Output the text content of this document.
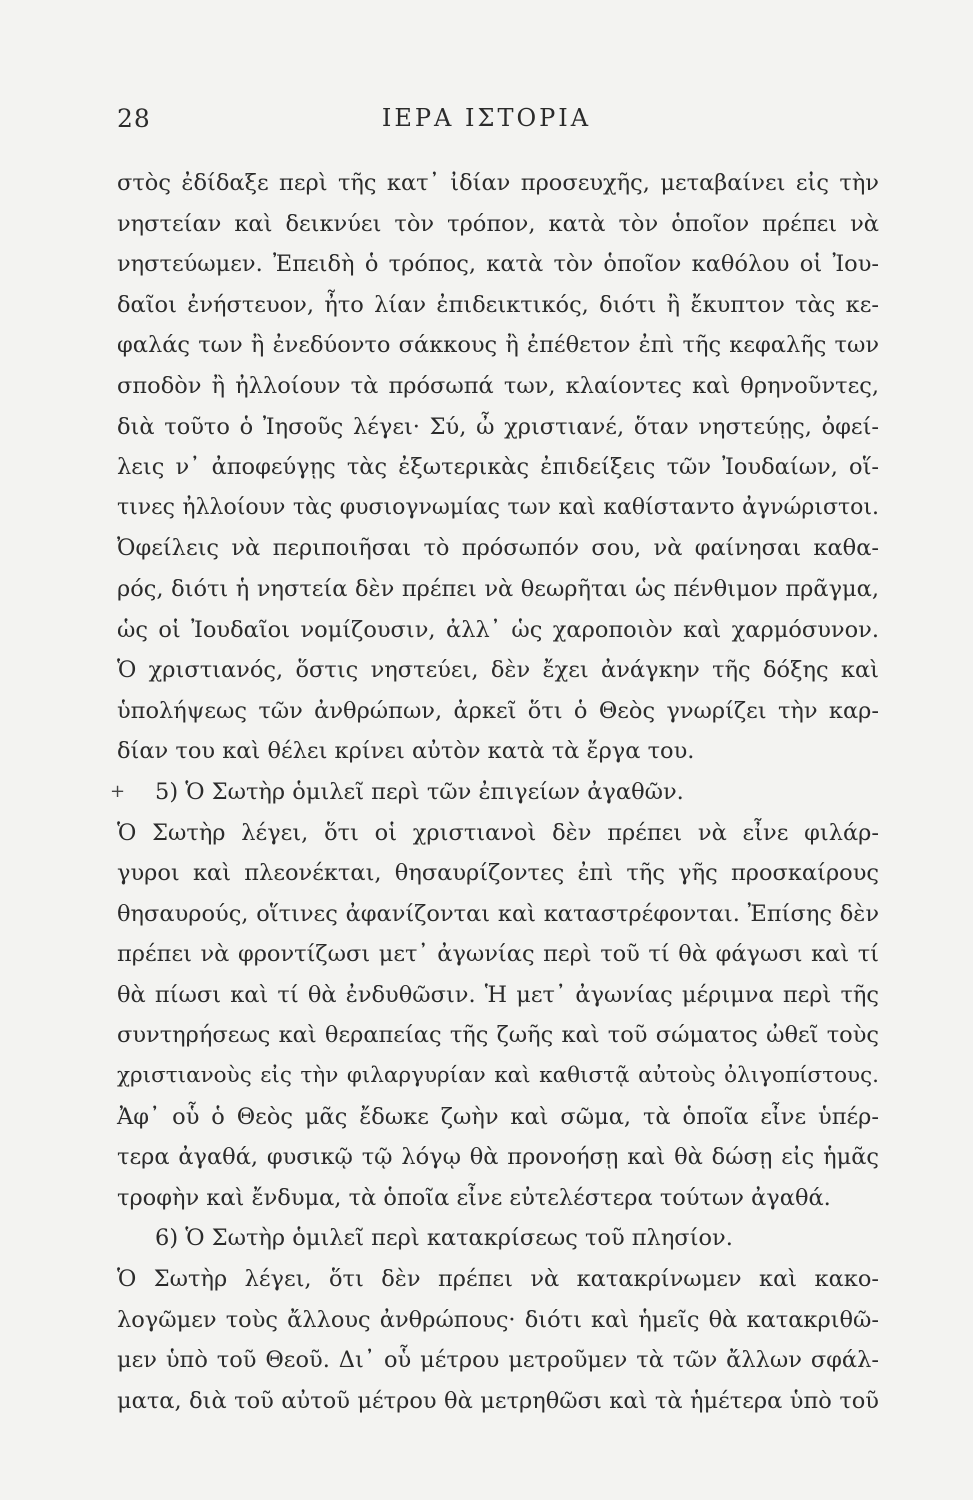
28	ΙΕΡΑ ΙΣΤΟΡΙΑ
στὸς ἐδίδαξε περὶ τῆς κατ᾽ ἰδίαν προσευχῆς, μεταβαίνει εἰς τὴν
νηστείαν καὶ δεικνύει τὸν τρόπον, κατὰ τὸν ὁποῖον πρέπει νὰ
νηστεύωμεν. Ἐπειδὴ ὁ τρόπος, κατὰ τὸν ὁποῖον καθόλου οἱ Ἰου-
δαῖοι ἐνήστευον, ἦτο λίαν ἐπιδεικτικός, διότι ἢ ἔκυπτον τὰς κε-
φαλάς των ἢ ἐνεδύοντο σάκκους ἢ ἐπέθετον ἐπὶ τῆς κεφαλῆς των
σποδὸν ἢ ἠλλοίουν τὰ πρόσωπά των, κλαίοντες καὶ θρηνοῦντες,
διὰ τοῦτο ὁ Ἰησοῦς λέγει· Σύ, ὦ χριστιανέ, ὅταν νηστεύῃς, ὀφεί-
λεις ν᾽ ἀποφεύγῃς τὰς ἐξωτερικὰς ἐπιδείξεις τῶν Ἰουδαίων, οἵ-
τινες ἠλλοίουν τὰς φυσιογνωμίας των καὶ καθίσταντο ἀγνώριστοι.
Ὀφείλεις νὰ περιποιῆσαι τὸ πρόσωπόν σου, νὰ φαίνησαι καθα-
ρός, διότι ἡ νηστεία δὲν πρέπει νὰ θεωρῆται ὡς πένθιμον πρᾶγμα,
ὡς οἱ Ἰουδαῖοι νομίζουσιν, ἀλλ᾽ ὡς χαροποιὸν καὶ χαρμόσυνον.
Ὁ χριστιανός, ὅστις νηστεύει, δὲν ἔχει ἀνάγκην τῆς δόξης καὶ
ὑπολήψεως τῶν ἀνθρώπων, ἀρκεῖ ὅτι ὁ Θεὸς γνωρίζει τὴν καρ-
δίαν του καὶ θέλει κρίνει αὐτὸν κατὰ τὰ ἔργα του.
+ 5) Ὁ Σωτὴρ ὁμιλεῖ περὶ τῶν ἐπιγείων ἀγαθῶν.
Ὁ Σωτὴρ λέγει, ὅτι οἱ χριστιανοὶ δὲν πρέπει νὰ εἶνε φιλάρ-
γυροι καὶ πλεονέκται, θησαυρίζοντες ἐπὶ τῆς γῆς προσκαίρους
θησαυρούς, οἵτινες ἀφανίζονται καὶ καταστρέφονται. Ἐπίσης δὲν
πρέπει νὰ φροντίζωσι μετ᾽ ἀγωνίας περὶ τοῦ τί θὰ φάγωσι καὶ τί
θὰ πίωσι καὶ τί θὰ ἐνδυθῶσιν. Ἡ μετ᾽ ἀγωνίας μέριμνα περὶ τῆς
συντηρήσεως καὶ θεραπείας τῆς ζωῆς καὶ τοῦ σώματος ὠθεῖ τοὺς
χριστιανοὺς εἰς τὴν φιλαργυρίαν καὶ καθιστᾷ αὐτοὺς ὀλιγοπίστους.
Ἀφ᾽ οὗ ὁ Θεὸς μᾶς ἔδωκε ζωὴν καὶ σῶμα, τὰ ὁποῖα εἶνε ὑπέρ-
τερα ἀγαθά, φυσικῷ τῷ λόγῳ θὰ προνοήσῃ καὶ θὰ δώσῃ εἰς ἡμᾶς
τροφὴν καὶ ἔνδυμα, τὰ ὁποῖα εἶνε εὐτελέστερα τούτων ἀγαθά.
6) Ὁ Σωτὴρ ὁμιλεῖ περὶ κατακρίσεως τοῦ πλησίον.
Ὁ Σωτὴρ λέγει, ὅτι δὲν πρέπει νὰ κατακρίνωμεν καὶ κακο-
λογῶμεν τοὺς ἄλλους ἀνθρώπους· διότι καὶ ἡμεῖς θὰ κατακριθῶ-
μεν ὑπὸ τοῦ Θεοῦ. Δι᾽ οὗ μέτρου μετροῦμεν τὰ τῶν ἄλλων σφάλ-
ματα, διὰ τοῦ αὐτοῦ μέτρου θὰ μετρηθῶσι καὶ τὰ ἡμέτερα ὑπὸ τοῦ
